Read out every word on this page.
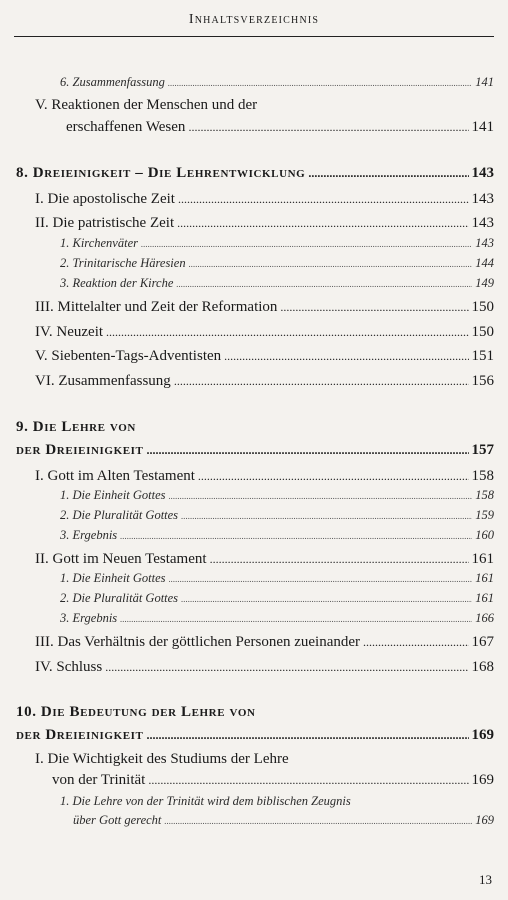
Inhaltsverzeichnis
6. Zusammenfassung .....	141
V. Reaktionen der Menschen und der
erschaffenen Wesen .....	141
8. Dreieinigkeit – Die Lehrentwicklung .....	143
I. Die apostolische Zeit .....	143
II. Die patristische Zeit .....	143
1. Kirchenväter .....	143
2. Trinitarische Häresien .....	144
3. Reaktion der Kirche .....	149
III. Mittelalter und Zeit der Reformation .....	150
IV. Neuzeit .....	150
V. Siebenten-Tags-Adventisten .....	151
VI. Zusammenfassung .....	156
9. Die Lehre von
der Dreieinigkeit .....	157
I. Gott im Alten Testament .....	158
1. Die Einheit Gottes .....	158
2. Die Pluralität Gottes .....	159
3. Ergebnis .....	160
II. Gott im Neuen Testament .....	161
1. Die Einheit Gottes .....	161
2. Die Pluralität Gottes .....	161
3. Ergebnis .....	166
III. Das Verhältnis der göttlichen Personen zueinander .....	167
IV. Schluss .....	168
10. Die Bedeutung der Lehre von
der Dreieinigkeit .....	169
I. Die Wichtigkeit des Studiums der Lehre
von der Trinität .....	169
1. Die Lehre von der Trinität wird dem biblischen Zeugnis
über Gott gerecht .....	169
13
